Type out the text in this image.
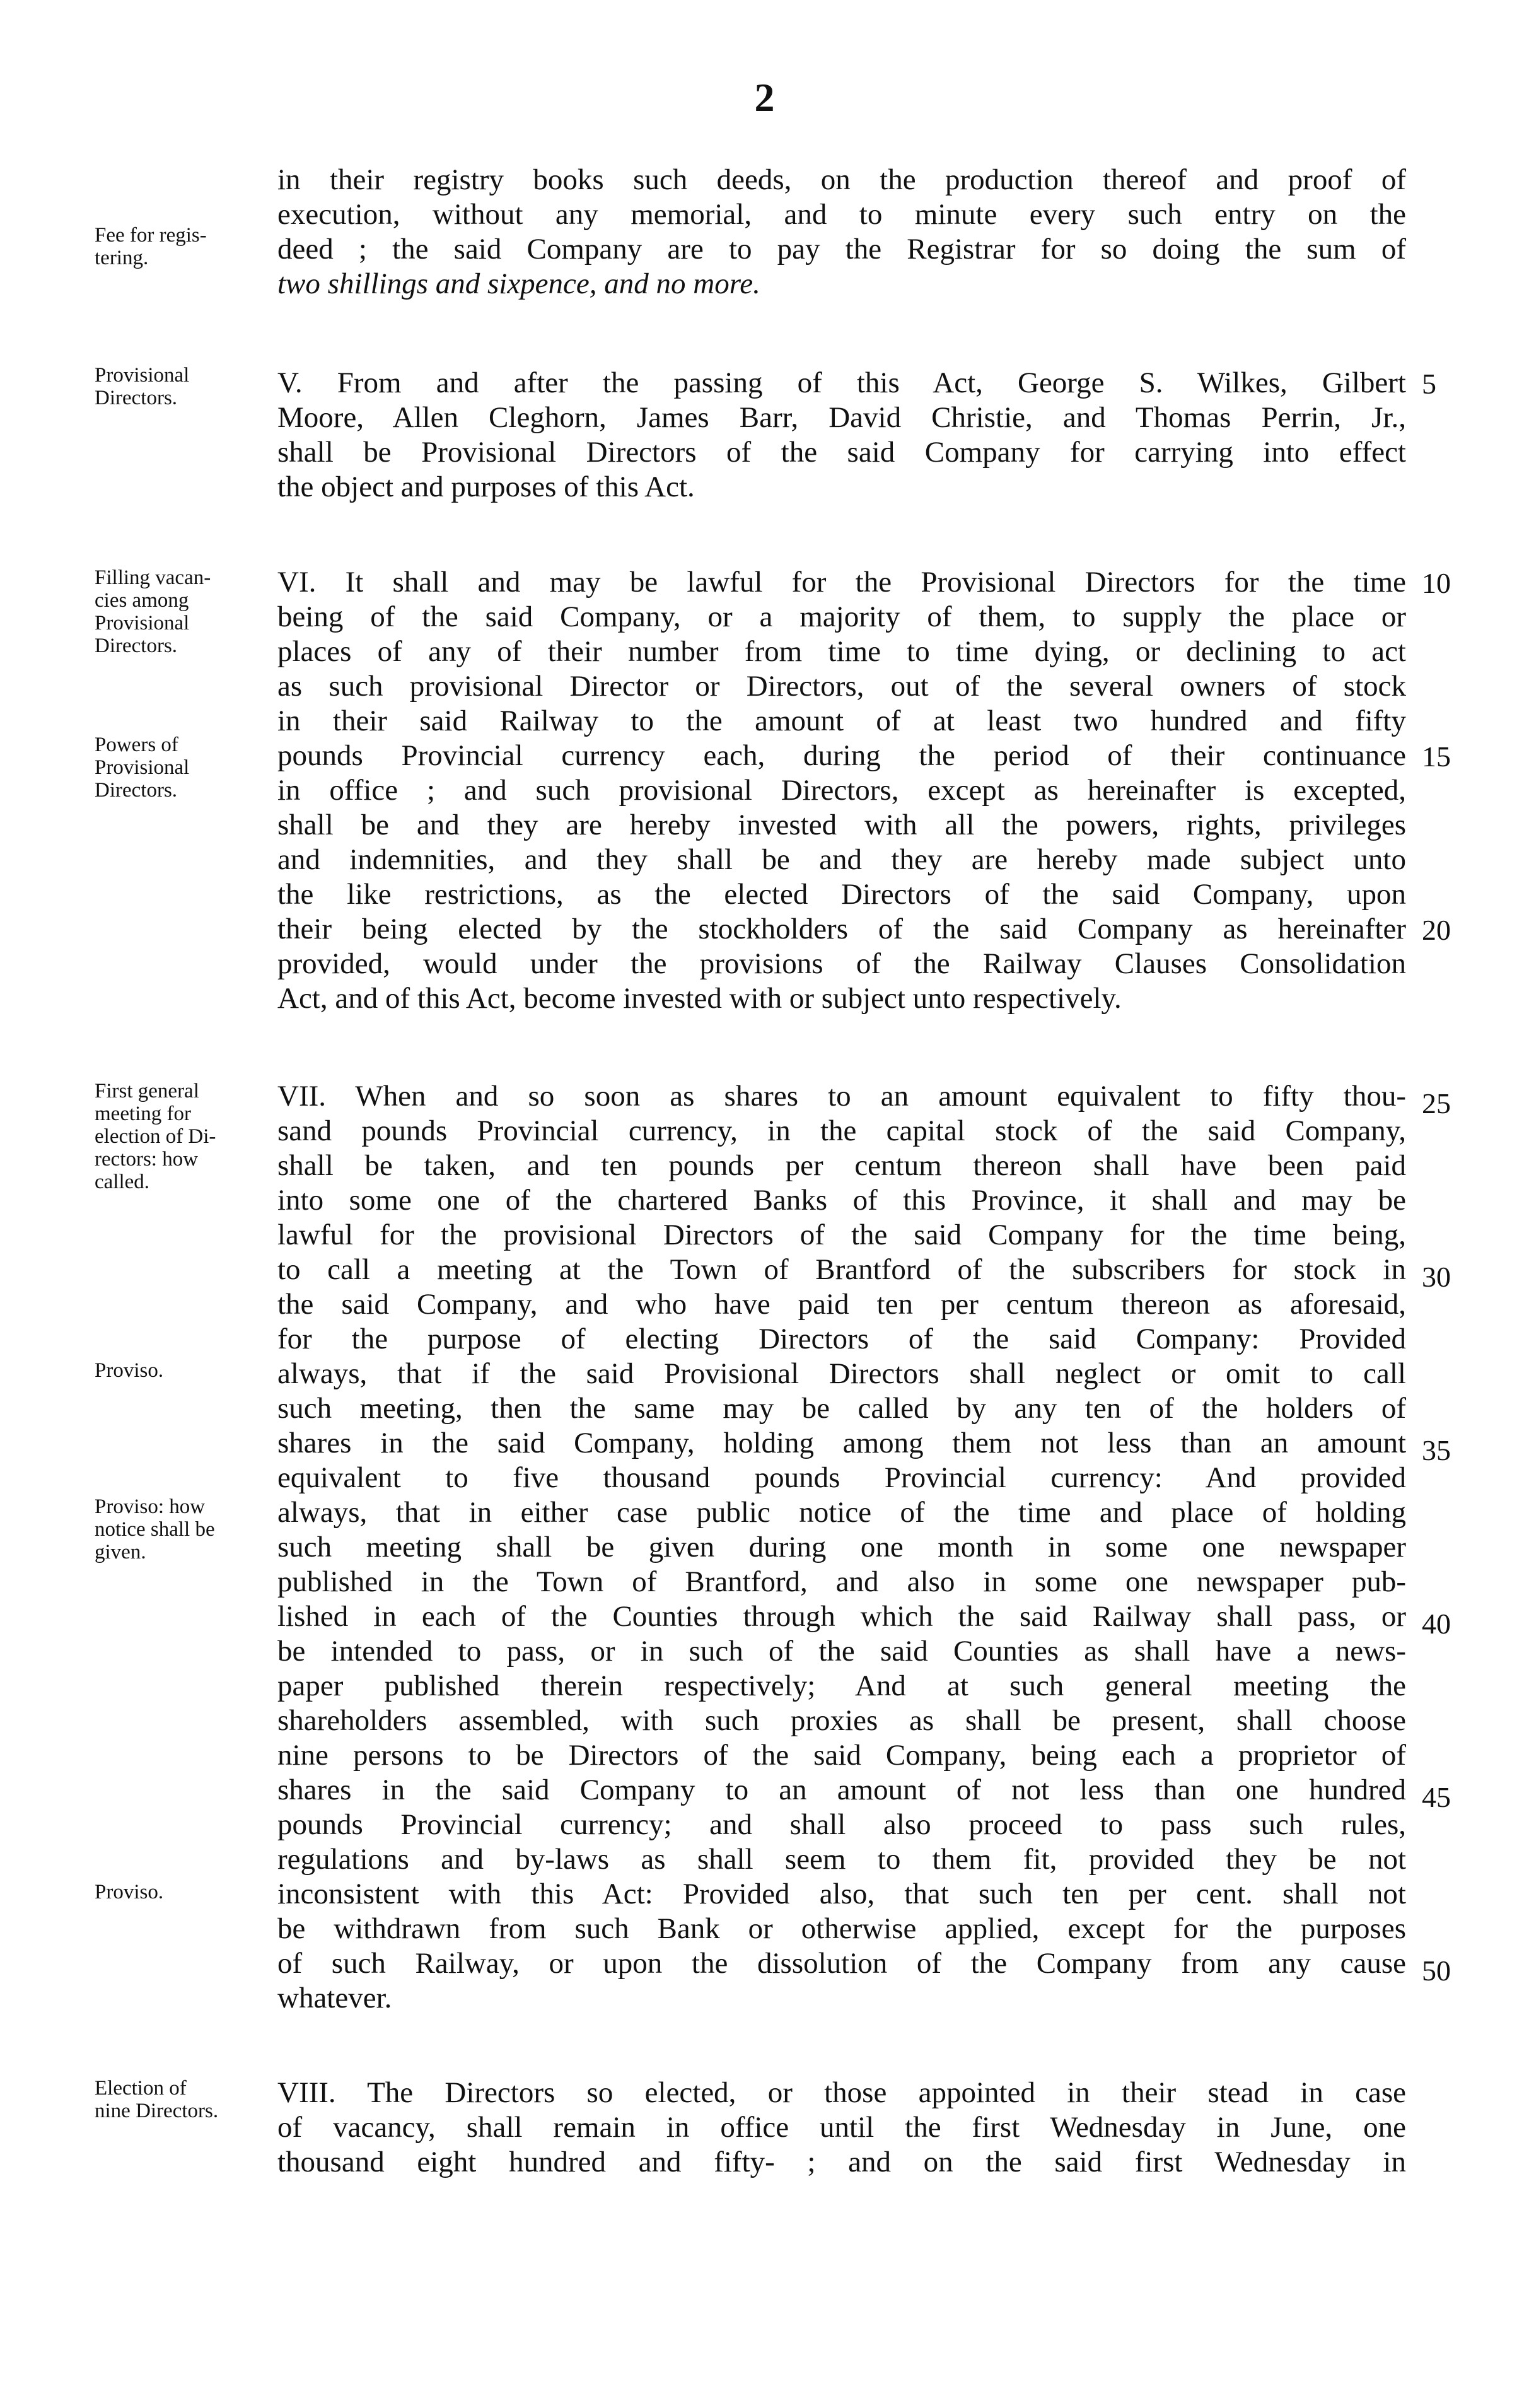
2
in their registry books such deeds, on the production thereof and proof of
execution, without any memorial, and to minute every such entry on the
deed ; the said Company are to pay the Registrar for so doing the sum of
two shillings and sixpence, and no more.
V. From and after the passing of this Act, George S. Wilkes, Gilbert
Moore, Allen Cleghorn, James Barr, David Christie, and Thomas Perrin, Jr.,
shall be Provisional Directors of the said Company for carrying into effect
the object and purposes of this Act.
VI. It shall and may be lawful for the Provisional Directors for the time
being of the said Company, or a majority of them, to supply the place or
places of any of their number from time to time dying, or declining to act
as such provisional Director or Directors, out of the several owners of stock
in their said Railway to the amount of at least two hundred and fifty
pounds Provincial currency each, during the period of their continuance
in office ; and such provisional Directors, except as hereinafter is excepted,
shall be and they are hereby invested with all the powers, rights, privileges
and indemnities, and they shall be and they are hereby made subject unto
the like restrictions, as the elected Directors of the said Company, upon
their being elected by the stockholders of the said Company as hereinafter
provided, would under the provisions of the Railway Clauses Consolidation
Act, and of this Act, become invested with or subject unto respectively.
VII. When and so soon as shares to an amount equivalent to fifty thou-
sand pounds Provincial currency, in the capital stock of the said Company,
shall be taken, and ten pounds per centum thereon shall have been paid
into some one of the chartered Banks of this Province, it shall and may be
lawful for the provisional Directors of the said Company for the time being,
to call a meeting at the Town of Brantford of the subscribers for stock in
the said Company, and who have paid ten per centum thereon as aforesaid,
for the purpose of electing Directors of the said Company: Provided
always, that if the said Provisional Directors shall neglect or omit to call
such meeting, then the same may be called by any ten of the holders of
shares in the said Company, holding among them not less than an amount
equivalent to five thousand pounds Provincial currency: And provided
always, that in either case public notice of the time and place of holding
such meeting shall be given during one month in some one newspaper
published in the Town of Brantford, and also in some one newspaper pub-
lished in each of the Counties through which the said Railway shall pass, or
be intended to pass, or in such of the said Counties as shall have a news-
paper published therein respectively; And at such general meeting the
shareholders assembled, with such proxies as shall be present, shall choose
nine persons to be Directors of the said Company, being each a proprietor of
shares in the said Company to an amount of not less than one hundred
pounds Provincial currency; and shall also proceed to pass such rules,
regulations and by-laws as shall seem to them fit, provided they be not
inconsistent with this Act: Provided also, that such ten per cent. shall not
be withdrawn from such Bank or otherwise applied, except for the purposes
of such Railway, or upon the dissolution of the Company from any cause
whatever.
VIII. The Directors so elected, or those appointed in their stead in case
of vacancy, shall remain in office until the first Wednesday in June, one
thousand eight hundred and fifty- ; and on the said first Wednesday in
5
10
15
20
25
30
35
40
45
50
Fee for regis-
tering.
Provisional
Directors.
Filling vacan-
cies among
Provisional
Directors.
Powers of
Provisional
Directors.
First general
meeting for
election of Di-
rectors: how
called.
Proviso.
Proviso: how
notice shall be
given.
Proviso.
Election of
nine Directors.
